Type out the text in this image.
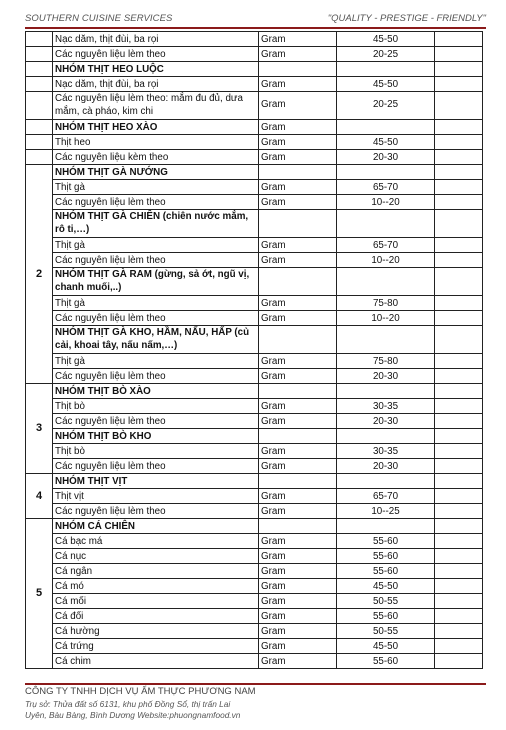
SOUTHERN CUISINE SERVICES	"QUALITY - PRESTIGE - FRIENDLY"
	Nạc dăm, thịt đùi, ba rọi	Gram	45-50	
	Các nguyên liệu lèm theo	Gram	20-25	
	NHÓM THỊT HEO LUỘC			
	Nạc dăm, thịt đùi, ba rọi	Gram	45-50	
	Các nguyên liệu lèm theo: mắm đu đủ, dưa mắm, cà pháo, kim chi	Gram	20-25	
	NHÓM THỊT HEO XÀO	Gram		
	Thịt heo	Gram	45-50	
	Các nguyên liệu kèm theo	Gram	20-30	
2	NHÓM THỊT GÀ NƯỚNG			
	Thịt gà	Gram	65-70	
	Các nguyên liệu lèm theo	Gram	10--20	
	NHÓM THỊT GÀ CHIÊN (chiên nước mắm, rô ti,…)			
	Thịt gà	Gram	65-70	
	Các nguyên liệu lèm theo	Gram	10--20	
	NHÓM THỊT GÀ RAM (gừng, sả ớt, ngũ vị, chanh muối,..)			
	Thịt gà	Gram	75-80	
	Các nguyên liệu lèm theo	Gram	10--20	
	NHÓM THỊT GÀ KHO, HẦM, NẤU, HẤP (củ cải, khoai tây, nấu nấm,…)			
	Thịt gà	Gram	75-80	
	Các nguyên liệu lèm theo	Gram	20-30	
3	NHÓM THỊT BÒ XÀO			
	Thịt bò	Gram	30-35	
	Các nguyên liệu lèm theo	Gram	20-30	
	NHÓM THỊT BÒ KHO			
	Thịt bò	Gram	30-35	
	Các nguyên liệu lèm theo	Gram	20-30	
4	NHÓM THỊT VỊT			
	Thịt vịt	Gram	65-70	
	Các nguyên liệu lèm theo	Gram	10--25	
5	NHÓM CÁ CHIÊN			
	Cá bạc má	Gram	55-60	
	Cá nục	Gram	55-60	
	Cá ngân	Gram	55-60	
	Cá mó	Gram	45-50	
	Cá mối	Gram	50-55	
	Cá đối	Gram	55-60	
	Cá hường	Gram	50-55	
	Cá trứng	Gram	45-50	
	Cá chim	Gram	55-60	
CÔNG TY TNHH DỊCH VỤ ẨM THỰC PHƯƠNG NAM
Trụ sở: Thửa đất số 6131, khu phố Đồng Sổ, thị trấn Lai
Uyên, Bàu Bàng, Bình Dương Website:phuongnamfood.vn
